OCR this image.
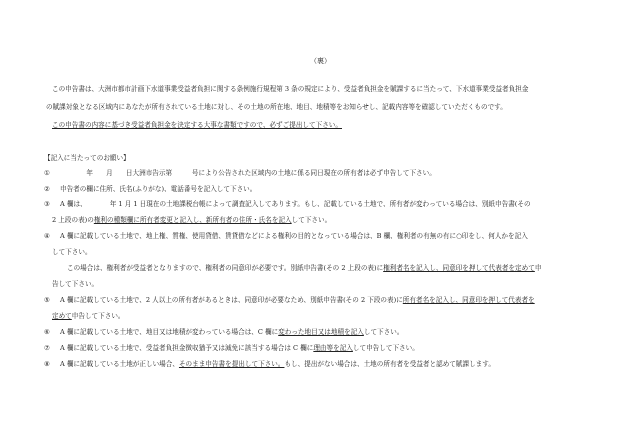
（裏）
この申告書は、大洲市都市計画下水道事業受益者負担に関する条例施行規程第 3 条の規定により、受益者負担金を賦課するに当たって、下水道事業受益者負担金
の賦課対象となる区域内にあなたが所有されている土地に対し、その土地の所在地、地目、地積等をお知らせし、記載内容等を確認していただくものです。
この申告書の内容に基づき受益者負担金を決定する大事な書類ですので、必ずご提出して下さい。
【記入に当たってのお願い】
①　　　　年　　月　　日大洲市告示第　　　号により公告された区域内の土地に係る同日現在の所有者は必ず申告して下さい。
② 申告者の欄に住所、氏名(ふりがな)、電話番号を記入して下さい。
③ A 欄は、　　　　年 1 月 1 日現在の土地課税台帳によって調査記入してあります。もし、記載している土地で、所有者が変わっている場合は、別紙申告書(その
2 上段の表)の権利の種類欄に所有者変更と記入し、新所有者の住所・氏名を記入して下さい。
④ A 欄に記載している土地で、地上権、質権、使用貸借、賃貸借などによる権利の目的となっている場合は、B 欄、権利者の有無の有に○印をし、何人かを記入
して下さい。
この場合は、権利者が受益者となりますので、権利者の同意印が必要です。別紙申告書(その 2 上段の表)に権利者名を記入し、同意印を押して代表者を定めて申
告して下さい。
⑤ A 欄に記載している土地で、2 人以上の所有者があるときは、同意印が必要なため、別紙申告書(その 2 下段の表)に所有者名を記入し、同意印を押して代表者を
定めて申告して下さい。
⑥ A 欄に記載している土地で、地目又は地積が変わっている場合は、C 欄に変わった地目又は地積を記入して下さい。
⑦ A 欄に記載している土地で、受益者負担金徴収猶予又は減免に該当する場合は C 欄に理由等を記入して申告して下さい。
⑧ A 欄に記載している土地が正しい場合、そのまま申告書を提出して下さい。もし、提出がない場合は、土地の所有者を受益者と認めて賦課します。
